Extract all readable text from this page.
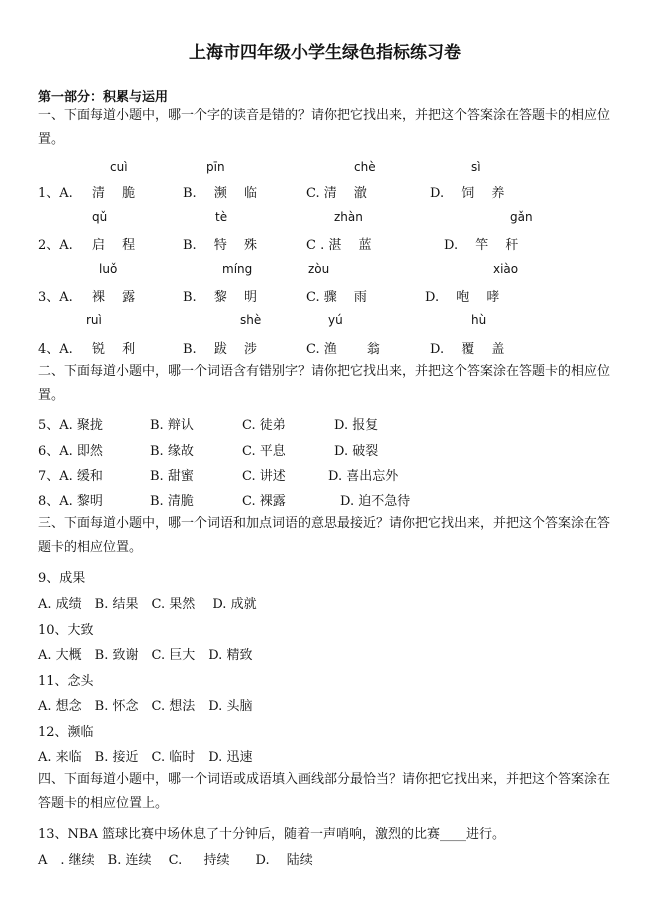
上海市四年级小学生绿色指标练习卷
第一部分：积累与运用
一、下面每道小题中，哪一个字的读音是错的？请你把它找出来，并把这个答案涂在答题卡的相应位置。
cuì	pīn	chè	sì
1、A. 清　 脆	B.　 濒　 临	C. 清　 澈	D.　 饲　 养
qǔ	tè	zhàn	gǎn
2、A. 启　 程	B.　 特　 殊	C . 湛　 蓝	D.　 竿　 秆
luǒ	míng	zòu	xiào
3、A. 裸　 露	B.　 黎　 明	C. 骤　 雨	D.　 咆　 哮
ruì	shè	yú	hù
4、A. 锐　 利	B.　 跋　 涉	C. 渔　 　翁	D.　 覆　 盖
二、下面每道小题中，哪一个词语含有错别字？请你把它找出来，并把这个答案涂在答题卡的相应位置。
5、A. 聚拢	B. 辩认	C. 徒弟	D. 报复
6、A. 即然	B. 缘故	C. 平息	D. 破裂
7、A. 缓和	B. 甜蜜	C. 讲述	D. 喜出忘外
8、A. 黎明	B. 清脆	C. 裸露	D. 迫不急待
三、下面每道小题中，哪一个词语和加点词语的意思最接近？请你把它找出来，并把这个答案涂在答题卡的相应位置。
9、成果
A. 成绩　B. 结果　C. 果然　 D. 成就
10、大致
A. 大概　B. 致谢　C. 巨大　D. 精致
11、念头
A. 想念　B. 怀念　C. 想法　D. 头脑
12、濒临
A. 来临　B. 接近　C. 临时　D. 迅速
四、下面每道小题中，哪一个词语或成语填入画线部分最恰当？请你把它找出来，并把这个答案涂在答题卡的相应位置上。
13、NBA 篮球比赛中场休息了十分钟后，随着一声哨响，激烈的比赛____进行。
A　. 继续　B. 连续　 C. 　 持续　　D. 　陆续
